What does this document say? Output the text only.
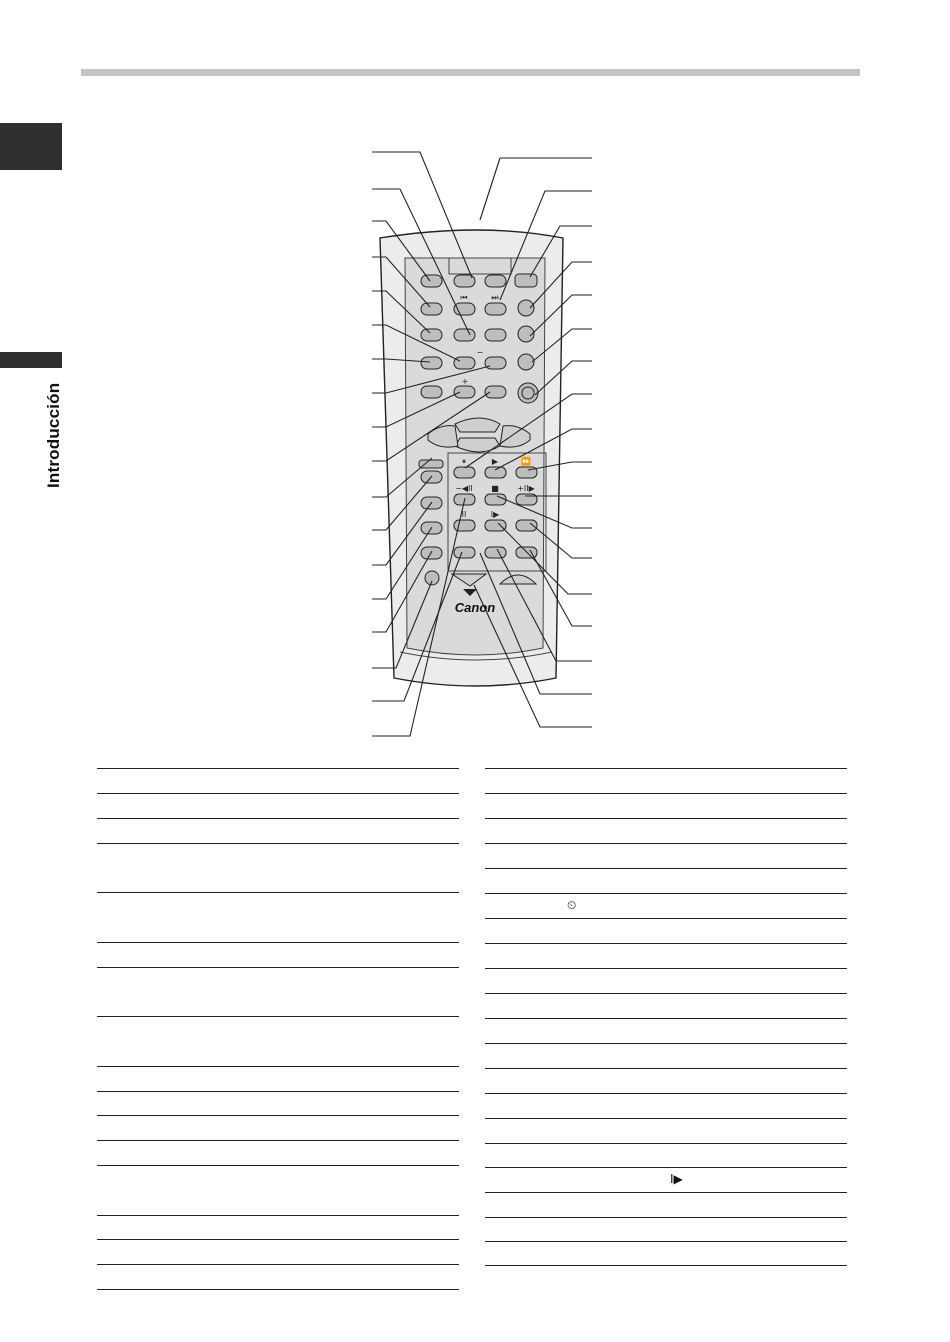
Introducción
⏮	⏭
−
+
⏸	▶	⏩
−◀II ■ +II▶
II	I▶
Canon
⏲
I▶
